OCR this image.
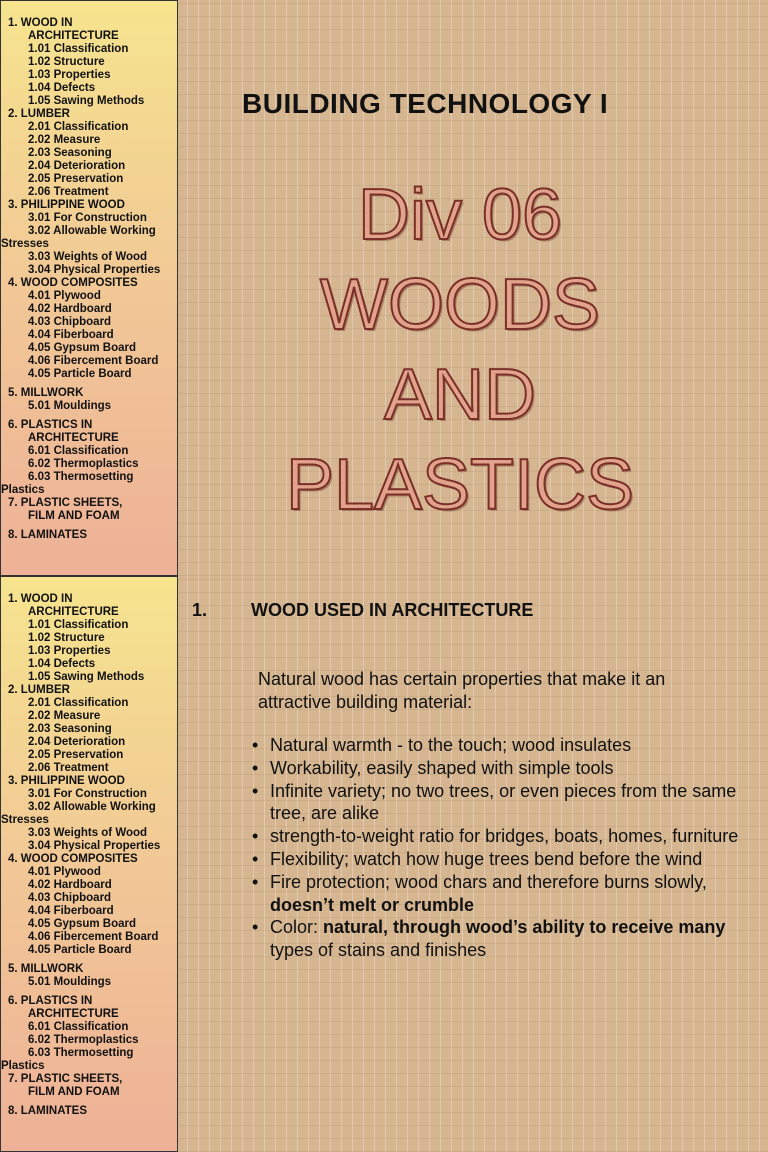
1. WOOD IN
ARCHITECTURE
1.01 Classification
1.02 Structure
1.03 Properties
1.04 Defects
1.05 Sawing Methods
2. LUMBER
2.01 Classification
2.02 Measure
2.03 Seasoning
2.04 Deterioration
2.05 Preservation
2.06 Treatment
3. PHILIPPINE WOOD
3.01 For Construction
3.02 Allowable Working
Stresses
3.03 Weights of Wood
3.04 Physical Properties
4. WOOD COMPOSITES
4.01 Plywood
4.02 Hardboard
4.03 Chipboard
4.04 Fiberboard
4.05 Gypsum Board
4.06 Fibercement Board
4.05 Particle Board
5. MILLWORK
5.01 Mouldings
6. PLASTICS IN
ARCHITECTURE
6.01 Classification
6.02 Thermoplastics
6.03 Thermosetting
Plastics
7. PLASTIC SHEETS,
FILM AND FOAM
8. LAMINATES
BUILDING TECHNOLOGY I
Div 06
WOODS
AND
PLASTICS
1. WOOD IN
ARCHITECTURE
1.01 Classification
1.02 Structure
1.03 Properties
1.04 Defects
1.05 Sawing Methods
2. LUMBER
2.01 Classification
2.02 Measure
2.03 Seasoning
2.04 Deterioration
2.05 Preservation
2.06 Treatment
3. PHILIPPINE WOOD
3.01 For Construction
3.02 Allowable Working
Stresses
3.03 Weights of Wood
3.04 Physical Properties
4. WOOD COMPOSITES
4.01 Plywood
4.02 Hardboard
4.03 Chipboard
4.04 Fiberboard
4.05 Gypsum Board
4.06 Fibercement Board
4.05 Particle Board
5. MILLWORK
5.01 Mouldings
6. PLASTICS IN
ARCHITECTURE
6.01 Classification
6.02 Thermoplastics
6.03 Thermosetting
Plastics
7. PLASTIC SHEETS,
FILM AND FOAM
8. LAMINATES
1. WOOD USED IN ARCHITECTURE

Natural wood has certain properties that make it an attractive building material:

• Natural warmth - to the touch; wood insulates
• Workability, easily shaped with simple tools
• Infinite variety; no two trees, or even pieces from the same tree, are alike
• strength-to-weight ratio for bridges, boats, homes, furniture
• Flexibility; watch how huge trees bend before the wind
• Fire protection; wood chars and therefore burns slowly, doesn’t melt or crumble
• Color: natural, through wood’s ability to receive many types of stains and finishes
